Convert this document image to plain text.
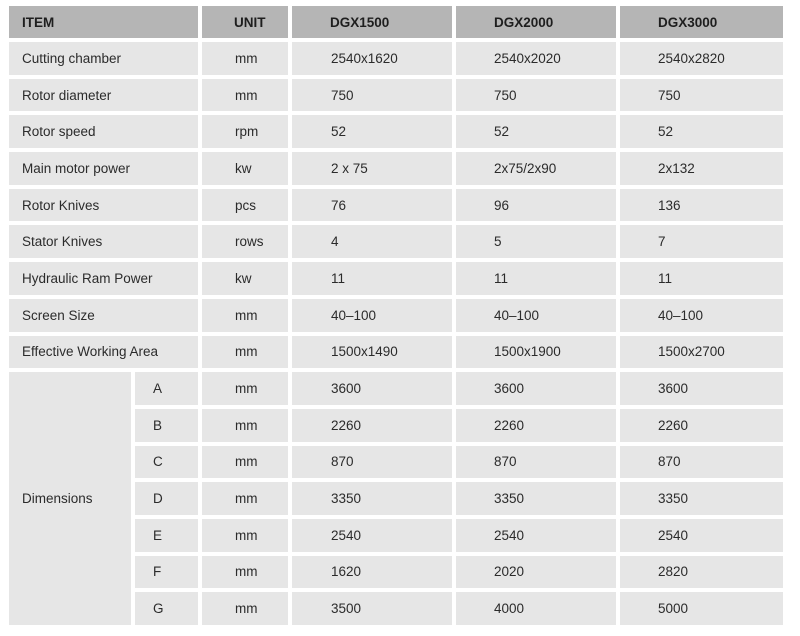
ITEM		UNIT	DGX1500	DGX2000	DGX3000
Cutting chamber		mm	2540x1620	2540x2020	2540x2820
Rotor diameter		mm	750	750	750
Rotor speed		rpm	52	52	52
Main motor power		kw	2 x 75	2x75/2x90	2x132
Rotor Knives		pcs	76	96	136
Stator Knives		rows	4	5	7
Hydraulic Ram Power		kw	11	11	11
Screen Size		mm	40–100	40–100	40–100
Effective Working Area		mm	1500x1490	1500x1900	1500x2700
Dimensions	A	mm	3600	3600	3600
	B	mm	2260	2260	2260
	C	mm	870	870	870
	D	mm	3350	3350	3350
	E	mm	2540	2540	2540
	F	mm	1620	2020	2820
	G	mm	3500	4000	5000
